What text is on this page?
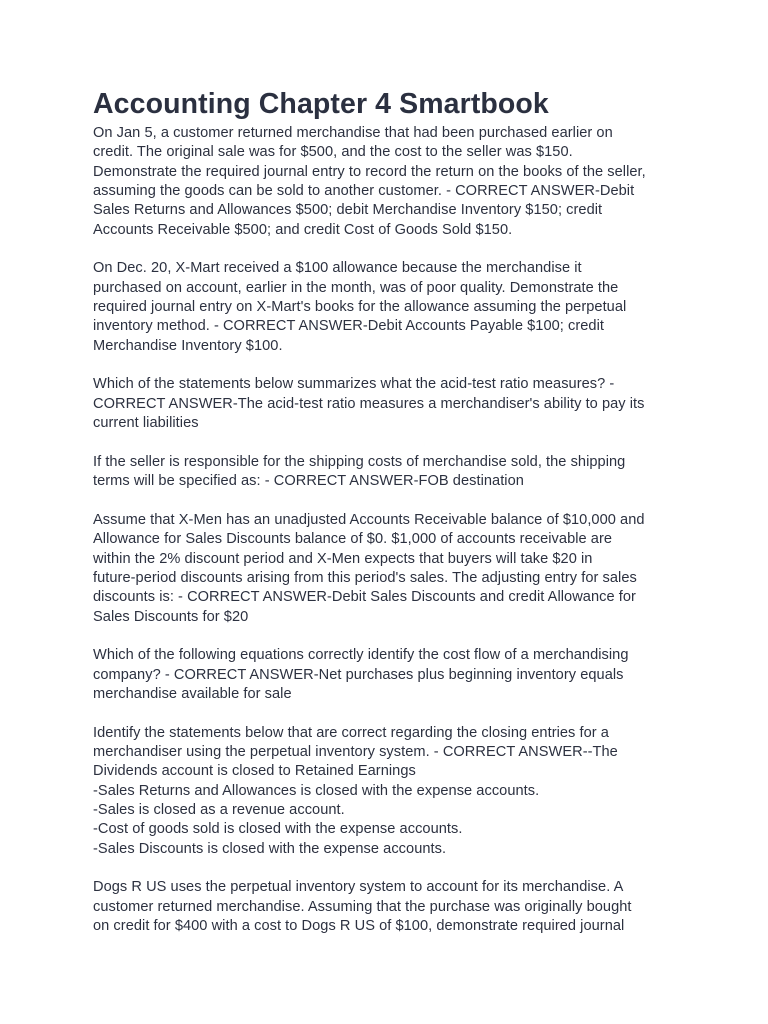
Accounting Chapter 4 Smartbook
On Jan 5, a customer returned merchandise that had been purchased earlier on
credit. The original sale was for $500, and the cost to the seller was $150.
Demonstrate the required journal entry to record the return on the books of the seller,
assuming the goods can be sold to another customer. - CORRECT ANSWER-Debit
Sales Returns and Allowances $500; debit Merchandise Inventory $150; credit
Accounts Receivable $500; and credit Cost of Goods Sold $150.
On Dec. 20, X-Mart received a $100 allowance because the merchandise it
purchased on account, earlier in the month, was of poor quality. Demonstrate the
required journal entry on X-Mart's books for the allowance assuming the perpetual
inventory method. - CORRECT ANSWER-Debit Accounts Payable $100; credit
Merchandise Inventory $100.
Which of the statements below summarizes what the acid-test ratio measures? -
CORRECT ANSWER-The acid-test ratio measures a merchandiser's ability to pay its
current liabilities
If the seller is responsible for the shipping costs of merchandise sold, the shipping
terms will be specified as: - CORRECT ANSWER-FOB destination
Assume that X-Men has an unadjusted Accounts Receivable balance of $10,000 and
Allowance for Sales Discounts balance of $0. $1,000 of accounts receivable are
within the 2% discount period and X-Men expects that buyers will take $20 in
future-period discounts arising from this period's sales. The adjusting entry for sales
discounts is: - CORRECT ANSWER-Debit Sales Discounts and credit Allowance for
Sales Discounts for $20
Which of the following equations correctly identify the cost flow of a merchandising
company? - CORRECT ANSWER-Net purchases plus beginning inventory equals
merchandise available for sale
Identify the statements below that are correct regarding the closing entries for a
merchandiser using the perpetual inventory system. - CORRECT ANSWER--The
Dividends account is closed to Retained Earnings
-Sales Returns and Allowances is closed with the expense accounts.
-Sales is closed as a revenue account.
-Cost of goods sold is closed with the expense accounts.
-Sales Discounts is closed with the expense accounts.
Dogs R US uses the perpetual inventory system to account for its merchandise. A
customer returned merchandise. Assuming that the purchase was originally bought
on credit for $400 with a cost to Dogs R US of $100, demonstrate required journal
